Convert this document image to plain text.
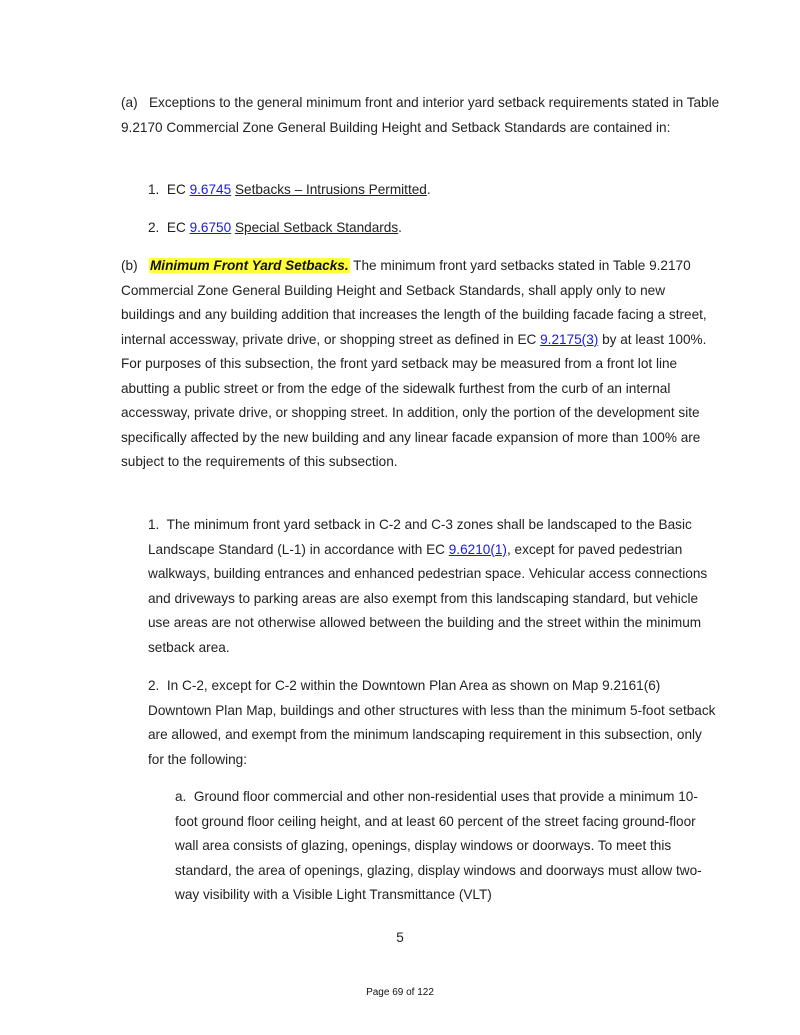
(a) Exceptions to the general minimum front and interior yard setback requirements stated in Table 9.2170 Commercial Zone General Building Height and Setback Standards are contained in:

1. EC 9.6745 Setbacks – Intrusions Permitted.

2. EC 9.6750 Special Setback Standards.

(b) Minimum Front Yard Setbacks. The minimum front yard setbacks stated in Table 9.2170 Commercial Zone General Building Height and Setback Standards, shall apply only to new buildings and any building addition that increases the length of the building facade facing a street, internal accessway, private drive, or shopping street as defined in EC 9.2175(3) by at least 100%. For purposes of this subsection, the front yard setback may be measured from a front lot line abutting a public street or from the edge of the sidewalk furthest from the curb of an internal accessway, private drive, or shopping street. In addition, only the portion of the development site specifically affected by the new building and any linear facade expansion of more than 100% are subject to the requirements of this subsection.

1. The minimum front yard setback in C-2 and C-3 zones shall be landscaped to the Basic Landscape Standard (L-1) in accordance with EC 9.6210(1), except for paved pedestrian walkways, building entrances and enhanced pedestrian space. Vehicular access connections and driveways to parking areas are also exempt from this landscaping standard, but vehicle use areas are not otherwise allowed between the building and the street within the minimum setback area.

2. In C-2, except for C-2 within the Downtown Plan Area as shown on Map 9.2161(6) Downtown Plan Map, buildings and other structures with less than the minimum 5-foot setback are allowed, and exempt from the minimum landscaping requirement in this subsection, only for the following:

a. Ground floor commercial and other non-residential uses that provide a minimum 10-foot ground floor ceiling height, and at least 60 percent of the street facing ground-floor wall area consists of glazing, openings, display windows or doorways. To meet this standard, the area of openings, glazing, display windows and doorways must allow two-way visibility with a Visible Light Transmittance (VLT)

5
Page 69 of 122
